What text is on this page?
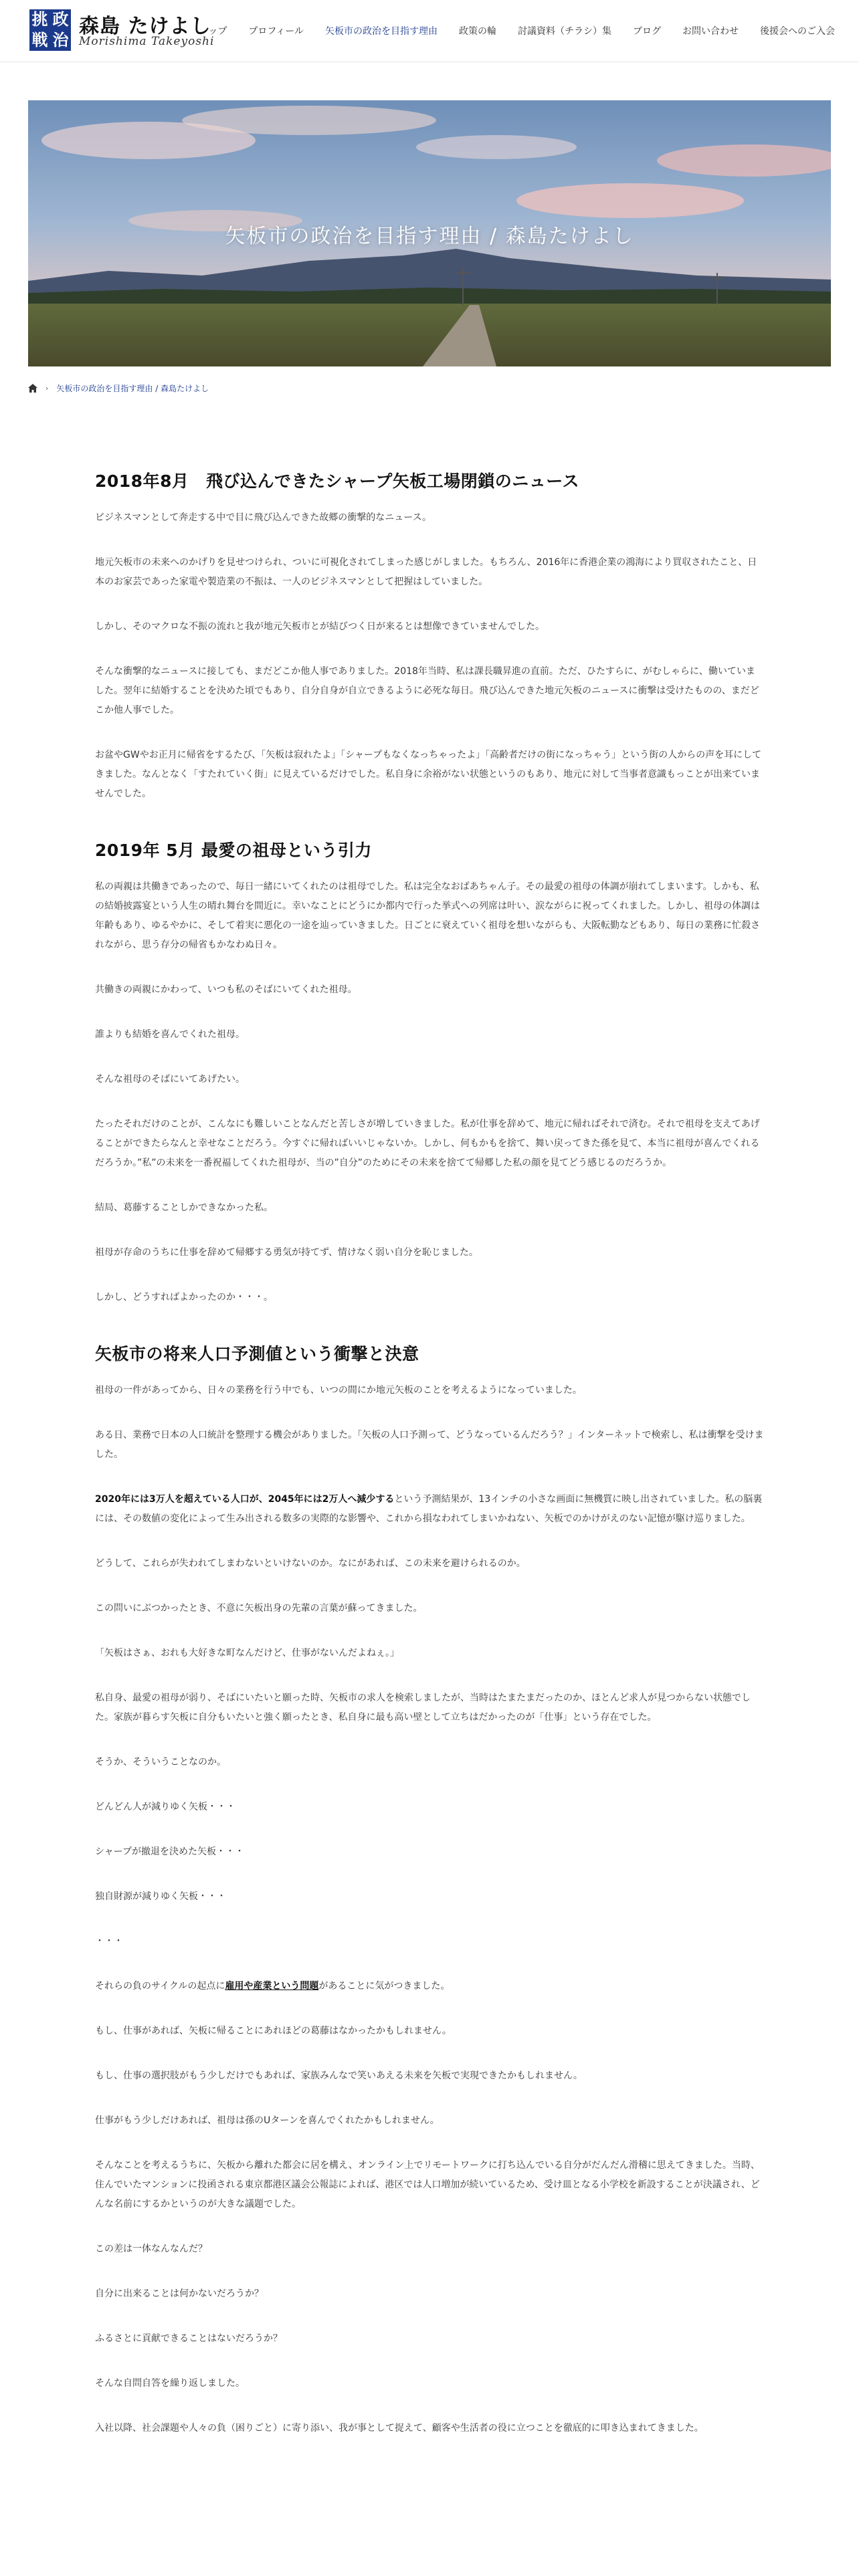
挑 政
戦 治
森島 たけよし
Morishima Takeyoshi
ップ	プロフィール	矢板市の政治を目指す理由	政策の輪	討議資料（チラシ）集	ブログ	お問い合わせ	後援会へのご入会
矢板市の政治を目指す理由 / 森島たけよし
› 矢板市の政治を目指す理由 / 森島たけよし
2018年8月　飛び込んできたシャープ矢板工場閉鎖のニュース

ビジネスマンとして奔走する中で目に飛び込んできた故郷の衝撃的なニュース。

地元矢板市の未来へのかげりを見せつけられ、ついに可視化されてしまった感じがしました。もちろん、2016年に香港企業の鴻海により買収されたこと、日本のお家芸であった家電や製造業の不振は、一人のビジネスマンとして把握はしていました。

しかし、そのマクロな不振の流れと我が地元矢板市とが結びつく日が来るとは想像できていませんでした。

そんな衝撃的なニュースに接しても、まだどこか他人事でありました。2018年当時、私は課長職昇進の直前。ただ、ひたすらに、がむしゃらに、働いていました。翌年に結婚することを決めた頃でもあり、自分自身が自立できるように必死な毎日。飛び込んできた地元矢板のニュースに衝撃は受けたものの、まだどこか他人事でした。

お盆やGWやお正月に帰省をするたび、「矢板は寂れたよ」「シャープもなくなっちゃったよ」「高齢者だけの街になっちゃう」という街の人からの声を耳にしてきました。なんとなく「すたれていく街」に見えているだけでした。私自身に余裕がない状態というのもあり、地元に対して当事者意識もっことが出来ていませんでした。

2019年 5月 最愛の祖母という引力

私の両親は共働きであったので、毎日一緒にいてくれたのは祖母でした。私は完全なおばあちゃん子。その最愛の祖母の体調が崩れてしまいます。しかも、私の結婚披露宴という人生の晴れ舞台を間近に。幸いなことにどうにか都内で行った挙式への列席は叶い、涙ながらに祝ってくれました。しかし、祖母の体調は年齢もあり、ゆるやかに、そして着実に悪化の一途を辿っていきました。日ごとに衰えていく祖母を想いながらも、大阪転勤などもあり、毎日の業務に忙殺されながら、思う存分の帰省もかなわぬ日々。

共働きの両親にかわって、いつも私のそばにいてくれた祖母。

誰よりも結婚を喜んでくれた祖母。

そんな祖母のそばにいてあげたい。

たったそれだけのことが、こんなにも難しいことなんだと苦しさが増していきました。私が仕事を辞めて、地元に帰ればそれで済む。それで祖母を支えてあげることができたらなんと幸せなことだろう。今すぐに帰ればいいじゃないか。しかし、何もかもを捨て、舞い戻ってきた孫を見て、本当に祖母が喜んでくれるだろうか。”私”の未来を一番祝福してくれた祖母が、当の”自分”のためにその未来を捨てて帰郷した私の顔を見てどう感じるのだろうか。

結局、葛藤することしかできなかった私。

祖母が存命のうちに仕事を辞めて帰郷する勇気が持てず、情けなく弱い自分を恥じました。

しかし、どうすればよかったのか・・・。

矢板市の将来人口予測値という衝撃と決意

祖母の一件があってから、日々の業務を行う中でも、いつの間にか地元矢板のことを考えるようになっていました。

ある日、業務で日本の人口統計を整理する機会がありました。「矢板の人口予測って、どうなっているんだろう？」インターネットで検索し、私は衝撃を受けました。

2020年には3万人を超えている人口が、2045年には2万人へ減少するという予測結果が、13インチの小さな画面に無機質に映し出されていました。私の脳裏には、その数値の変化によって生み出される数多の実際的な影響や、これから損なわれてしまいかねない、矢板でのかけがえのない記憶が駆け巡りました。

どうして、これらが失われてしまわないといけないのか。なにがあれば、この未来を避けられるのか。

この問いにぶつかったとき、不意に矢板出身の先輩の言葉が蘇ってきました。

「矢板はさぁ、おれも大好きな町なんだけど、仕事がないんだよねぇ。」

私自身、最愛の祖母が弱り、そばにいたいと願った時、矢板市の求人を検索しましたが、当時はたまたまだったのか、ほとんど求人が見つからない状態でした。家族が暮らす矢板に自分もいたいと強く願ったとき、私自身に最も高い壁として立ちはだかったのが「仕事」という存在でした。

そうか、そういうことなのか。

どんどん人が減りゆく矢板・・・

シャープが撤退を決めた矢板・・・

独自財源が減りゆく矢板・・・

・・・

それらの負のサイクルの起点に雇用や産業という問題があることに気がつきました。

もし、仕事があれば、矢板に帰ることにあれほどの葛藤はなかったかもしれません。

もし、仕事の選択肢がもう少しだけでもあれば、家族みんなで笑いあえる未来を矢板で実現できたかもしれません。

仕事がもう少しだけあれば、祖母は孫のUターンを喜んでくれたかもしれません。

そんなことを考えるうちに、矢板から離れた都会に居を構え、オンライン上でリモートワークに打ち込んでいる自分がだんだん滑稽に思えてきました。当時、住んでいたマンションに投函される東京都港区議会公報誌によれば、港区では人口増加が続いているため、受け皿となる小学校を新設することが決議され、どんな名前にするかというのが大きな議題でした。

この差は一体なんなんだ？

自分に出来ることは何かないだろうか？

ふるさとに貢献できることはないだろうか？

そんな自問自答を繰り返しました。

入社以降、社会課題や人々の負（困りごと）に寄り添い、我が事として捉えて、顧客や生活者の役に立つことを徹底的に叩き込まれてきました。
